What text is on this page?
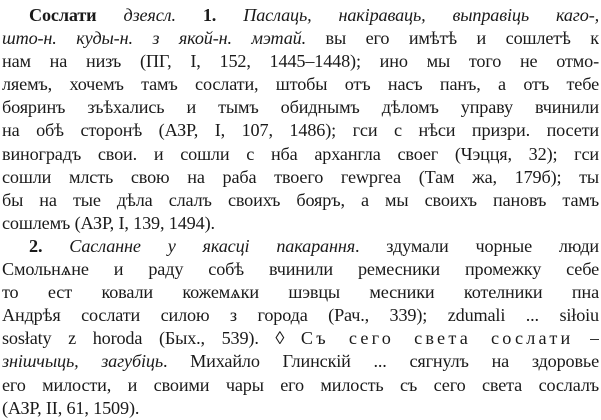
Сослати дзеясл. 1. Паслаць, накіраваць, выправіць каго-,
што-н. куды-н. з якой-н. мэтай. вы его имѣтѣ и сошлетѣ к
нам на низъ (ПГ, I, 152, 1445–1448); ино мы того не отмо-
ляемъ, хочемъ тамъ сослати, штобы отъ насъ панъ, а отъ тебе
бояринъ зъѣхались и тымъ обиднымъ дѣломъ управу вчинили
на обѣ сторонѣ (АЗР, I, 107, 1486); гси с нѣси призри. посети
виноградъ свои. и сошли с нба архангла своег (Чэцця, 32); гси
сошли млсть свою на раба твоего геwргеа (Там жа, 179б); ты
бы на тые дѣла слалъ своихъ бояръ, а мы своихъ пановъ тамъ
сошлемъ (АЗР, I, 139, 1494).
2. Сасланне у якасці пакарання. здумали чорные люди
Смольнѧне и раду собѣ вчинили ремесники промежку себе
то ест ковали кожемѧки шэвцы месники котелники пна
Андрѣя сослати силою з города (Рач., 339); zdumali ... siłoiu
sosłaty z horoda (Бых., 539). ◊ Съ сего света сослати –
знішчыць, загубіць. Михайло Глинскій ... сягнулъ на здоровье
его милости, и своими чары его милость съ сего света сослалъ
(АЗР, II, 61, 1509).
